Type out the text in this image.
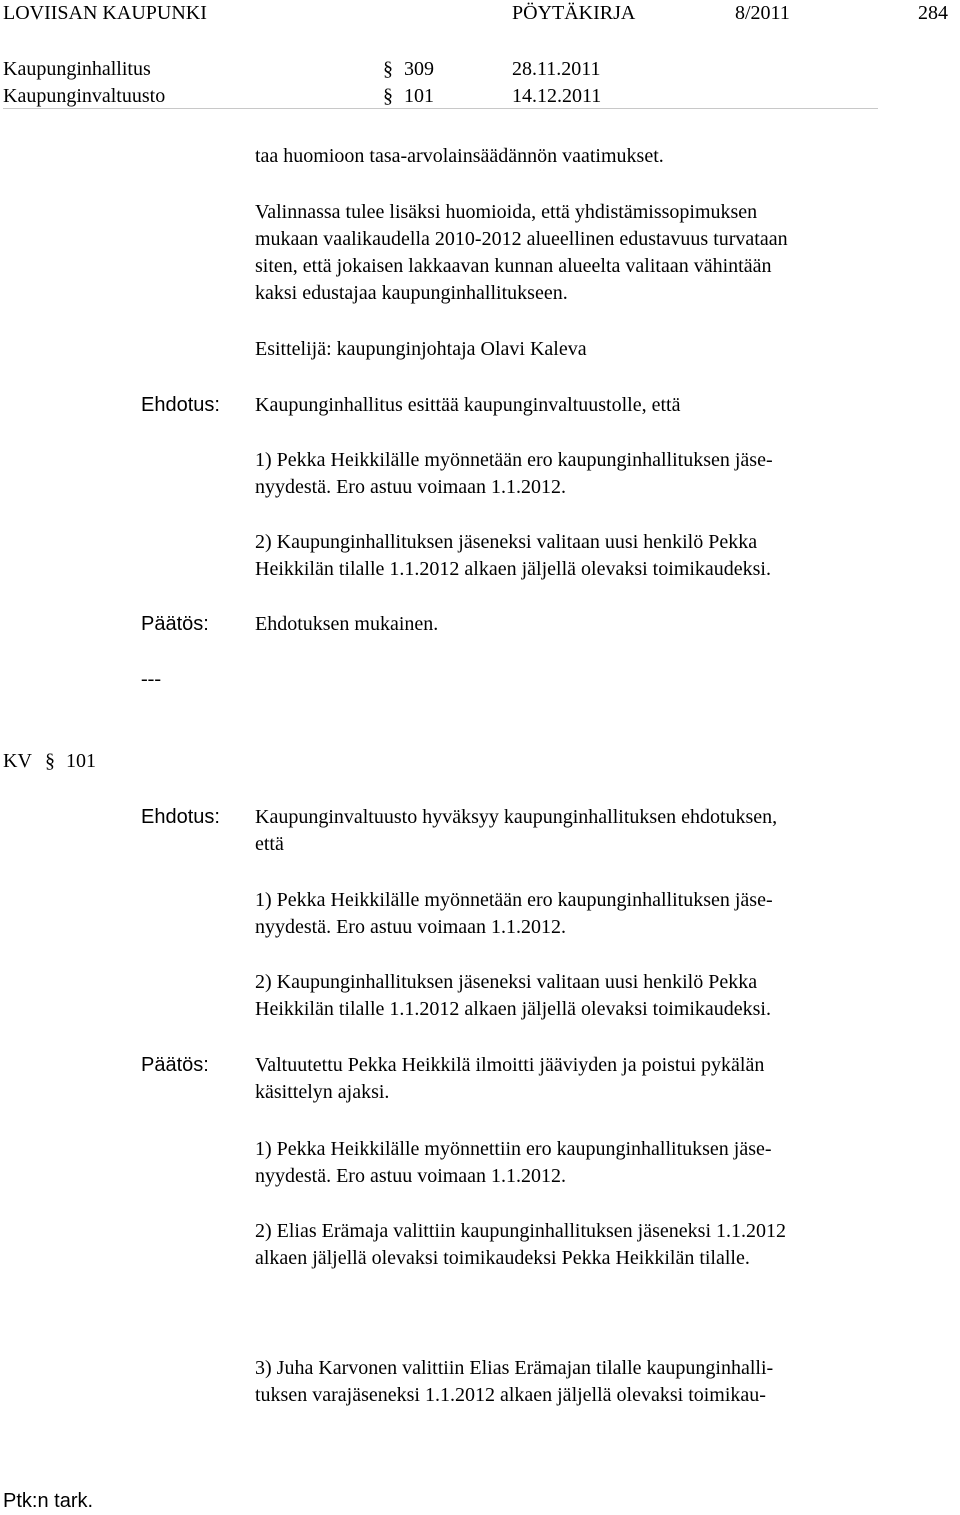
LOVIISAN KAUPUNKI	PÖYTÄKIRJA	8/2011	284
Kaupunginhallitus	§ 309	28.11.2011
Kaupunginvaltuusto	§ 101	14.12.2011
taa huomioon tasa-arvolainsäädännön vaatimukset.
Valinnassa tulee lisäksi huomioida, että yhdistämissopimuksen
mukaan vaalikaudella 2010-2012 alueellinen edustavuus turvataan
siten, että jokaisen lakkaavan kunnan alueelta valitaan vähintään
kaksi edustajaa kaupunginhallitukseen.
Esittelijä: kaupunginjohtaja Olavi Kaleva
Ehdotus: Kaupunginhallitus esittää kaupunginvaltuustolle, että
1) Pekka Heikkilälle myönnetään ero kaupunginhallituksen jäse-
nyydestä. Ero astuu voimaan 1.1.2012.
2) Kaupunginhallituksen jäseneksi valitaan uusi henkilö Pekka
Heikkilän tilalle 1.1.2012 alkaen jäljellä olevaksi toimikaudeksi.
Päätös: Ehdotuksen mukainen.
---
KV § 101
Ehdotus: Kaupunginvaltuusto hyväksyy kaupunginhallituksen ehdotuksen,
että
1) Pekka Heikkilälle myönnetään ero kaupunginhallituksen jäse-
nyydestä. Ero astuu voimaan 1.1.2012.
2) Kaupunginhallituksen jäseneksi valitaan uusi henkilö Pekka
Heikkilän tilalle 1.1.2012 alkaen jäljellä olevaksi toimikaudeksi.
Päätös: Valtuutettu Pekka Heikkilä ilmoitti jääviyden ja poistui pykälän
käsittelyn ajaksi.
1) Pekka Heikkilälle myönnettiin ero kaupunginhallituksen jäse-
nyydestä. Ero astuu voimaan 1.1.2012.
2) Elias Erämaja valittiin kaupunginhallituksen jäseneksi 1.1.2012
alkaen jäljellä olevaksi toimikaudeksi Pekka Heikkilän tilalle.
3) Juha Karvonen valittiin Elias Erämajan tilalle kaupunginhalli-
tuksen varajäseneksi 1.1.2012 alkaen jäljellä olevaksi toimikau-
Ptk:n tark.
